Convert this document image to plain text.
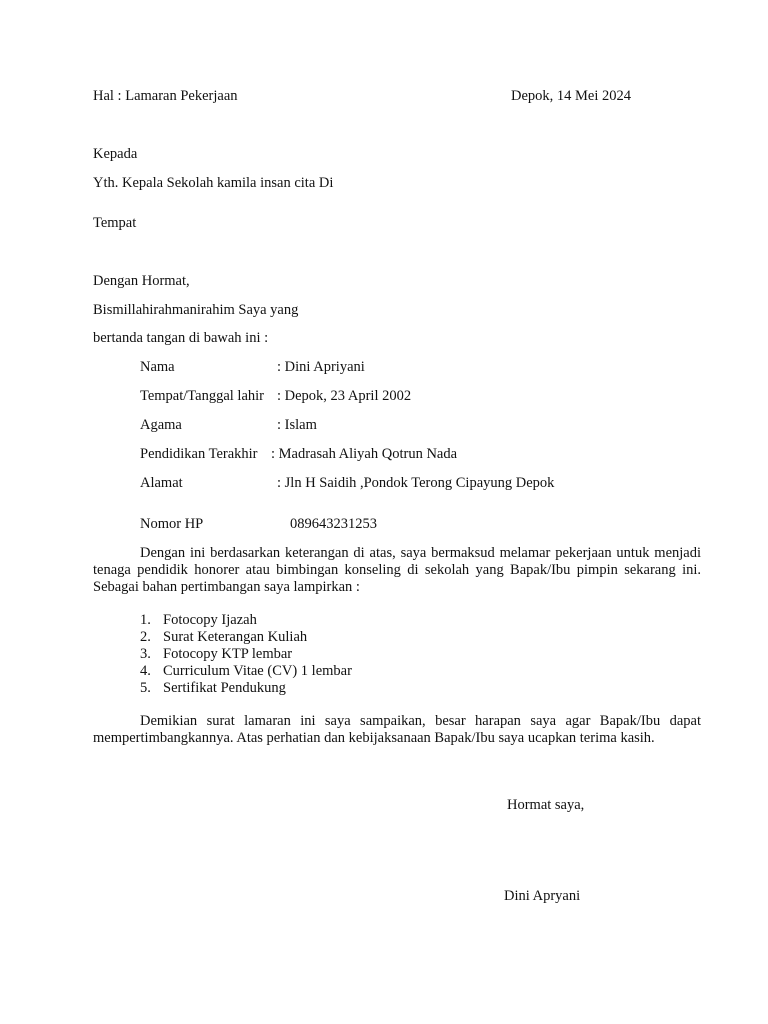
Hal : Lamaran Pekerjaan	Depok, 14 Mei 2024
Kepada
Yth. Kepala Sekolah kamila insan cita Di
Tempat
Dengan Hormat,
Bismillahirahmanirahim Saya yang
bertanda tangan di bawah ini :
Nama	: Dini Apriyani
Tempat/Tanggal lahir : Depok, 23 April 2002
Agama	: Islam
Pendidikan Terakhir : Madrasah Aliyah Qotrun Nada
Alamat	: Jln H Saidih ,Pondok Terong Cipayung Depok
Nomor HP	089643231253
Dengan ini berdasarkan keterangan di atas, saya bermaksud melamar pekerjaan untuk menjadi tenaga pendidik honorer atau bimbingan konseling di sekolah yang Bapak/Ibu pimpin sekarang ini. Sebagai bahan pertimbangan saya lampirkan :
1. Fotocopy Ijazah
2. Surat Keterangan Kuliah
3. Fotocopy KTP lembar
4. Curriculum Vitae (CV) 1 lembar
5. Sertifikat Pendukung
Demikian surat lamaran ini saya sampaikan, besar harapan saya agar Bapak/Ibu dapat mempertimbangkannya. Atas perhatian dan kebijaksanaan Bapak/Ibu saya ucapkan terima kasih.
Hormat saya,
Dini Apryani
